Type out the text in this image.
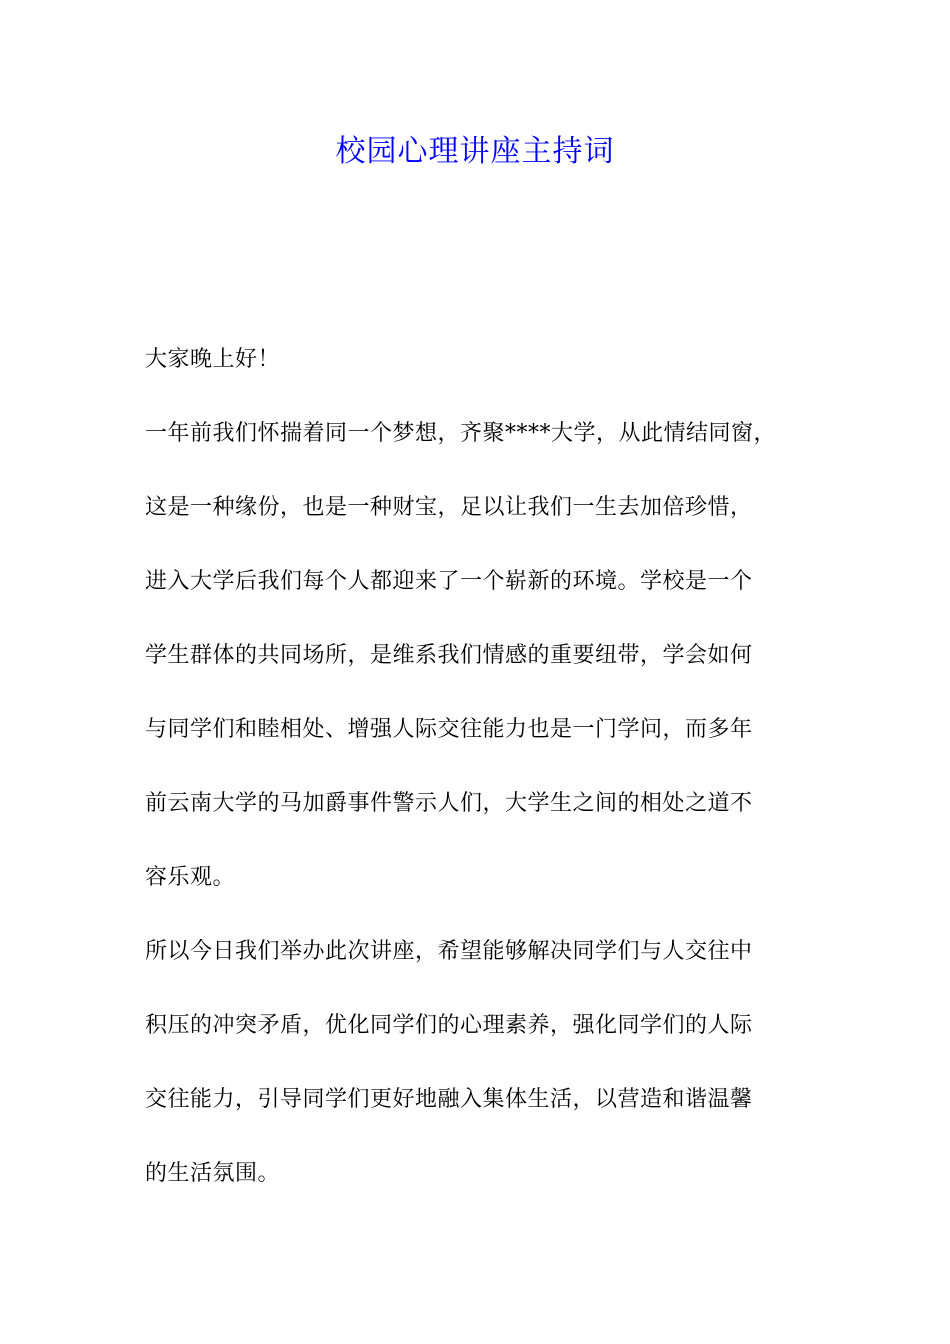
校园心理讲座主持词
大家晚上好！
一年前我们怀揣着同一个梦想，齐聚****大学，从此情结同窗，
这是一种缘份，也是一种财宝，足以让我们一生去加倍珍惜，
进入大学后我们每个人都迎来了一个崭新的环境。学校是一个
学生群体的共同场所，是维系我们情感的重要纽带，学会如何
与同学们和睦相处、增强人际交往能力也是一门学问，而多年
前云南大学的马加爵事件警示人们，大学生之间的相处之道不
容乐观。
所以今日我们举办此次讲座，希望能够解决同学们与人交往中
积压的冲突矛盾，优化同学们的心理素养，强化同学们的人际
交往能力，引导同学们更好地融入集体生活，以营造和谐温馨
的生活氛围。
